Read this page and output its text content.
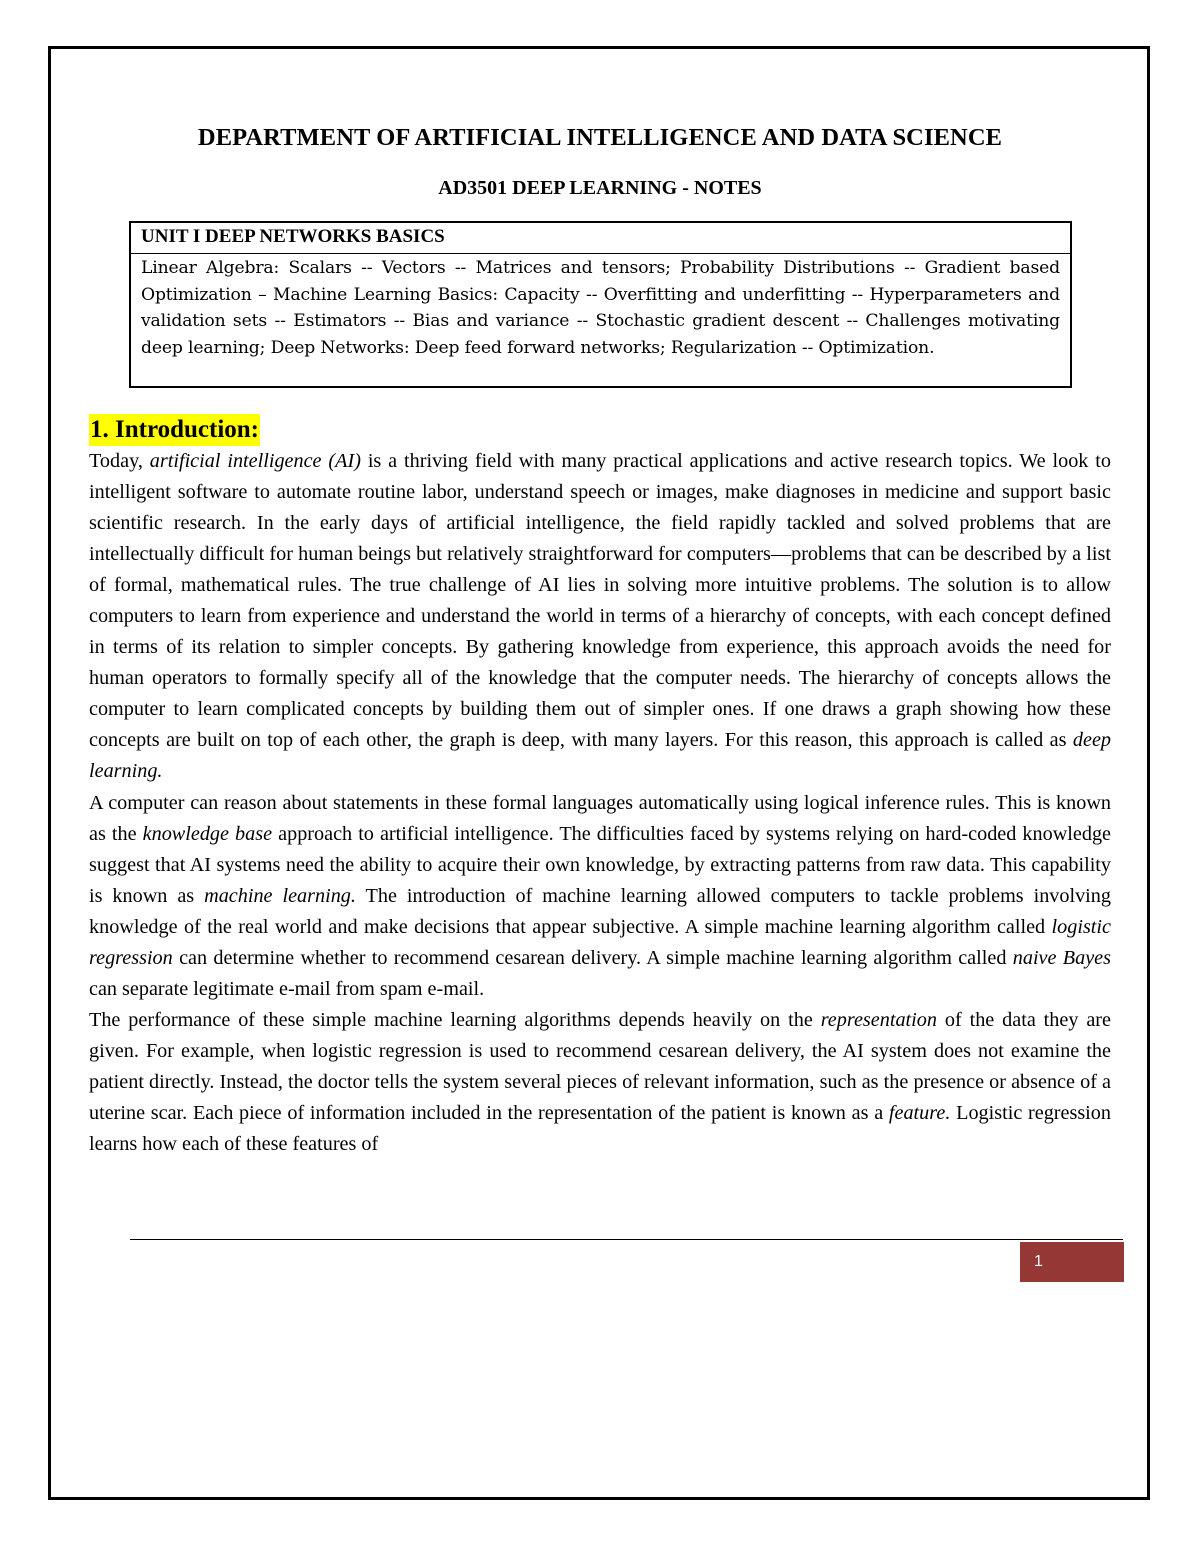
DEPARTMENT OF ARTIFICIAL INTELLIGENCE AND DATA SCIENCE
AD3501 DEEP LEARNING - NOTES
UNIT I DEEP NETWORKS BASICS
Linear Algebra: Scalars -- Vectors -- Matrices and tensors; Probability Distributions -- Gradient based Optimization – Machine Learning Basics: Capacity -- Overfitting and underfitting -- Hyperparameters and validation sets -- Estimators -- Bias and variance -- Stochastic gradient descent -- Challenges motivating deep learning; Deep Networks: Deep feed forward networks; Regularization -- Optimization.
1. Introduction:

Today, artificial intelligence (AI) is a thriving field with many practical applications and active research topics. We look to intelligent software to automate routine labor, understand speech or images, make diagnoses in medicine and support basic scientific research. In the early days of artificial intelligence, the field rapidly tackled and solved problems that are intellectually difficult for human beings but relatively straightforward for computers—problems that can be described by a list of formal, mathematical rules. The true challenge of AI lies in solving more intuitive problems. The solution is to allow computers to learn from experience and understand the world in terms of a hierarchy of concepts, with each concept defined in terms of its relation to simpler concepts. By gathering knowledge from experience, this approach avoids the need for human operators to formally specify all of the knowledge that the computer needs. The hierarchy of concepts allows the computer to learn complicated concepts by building them out of simpler ones. If one draws a graph showing how these concepts are built on top of each other, the graph is deep, with many layers. For this reason, this approach is called as deep learning.

A computer can reason about statements in these formal languages automatically using logical inference rules. This is known as the knowledge base approach to artificial intelligence. The difficulties faced by systems relying on hard-coded knowledge suggest that AI systems need the ability to acquire their own knowledge, by extracting patterns from raw data. This capability is known as machine learning. The introduction of machine learning allowed computers to tackle problems involving knowledge of the real world and make decisions that appear subjective. A simple machine learning algorithm called logistic regression can determine whether to recommend cesarean delivery. A simple machine learning algorithm called naive Bayes can separate legitimate e-mail from spam e-mail.

The performance of these simple machine learning algorithms depends heavily on the representation of the data they are given. For example, when logistic regression is used to recommend cesarean delivery, the AI system does not examine the patient directly. Instead, the doctor tells the system several pieces of relevant information, such as the presence or absence of a uterine scar. Each piece of information included in the representation of the patient is known as a feature. Logistic regression learns how each of these features of

1
